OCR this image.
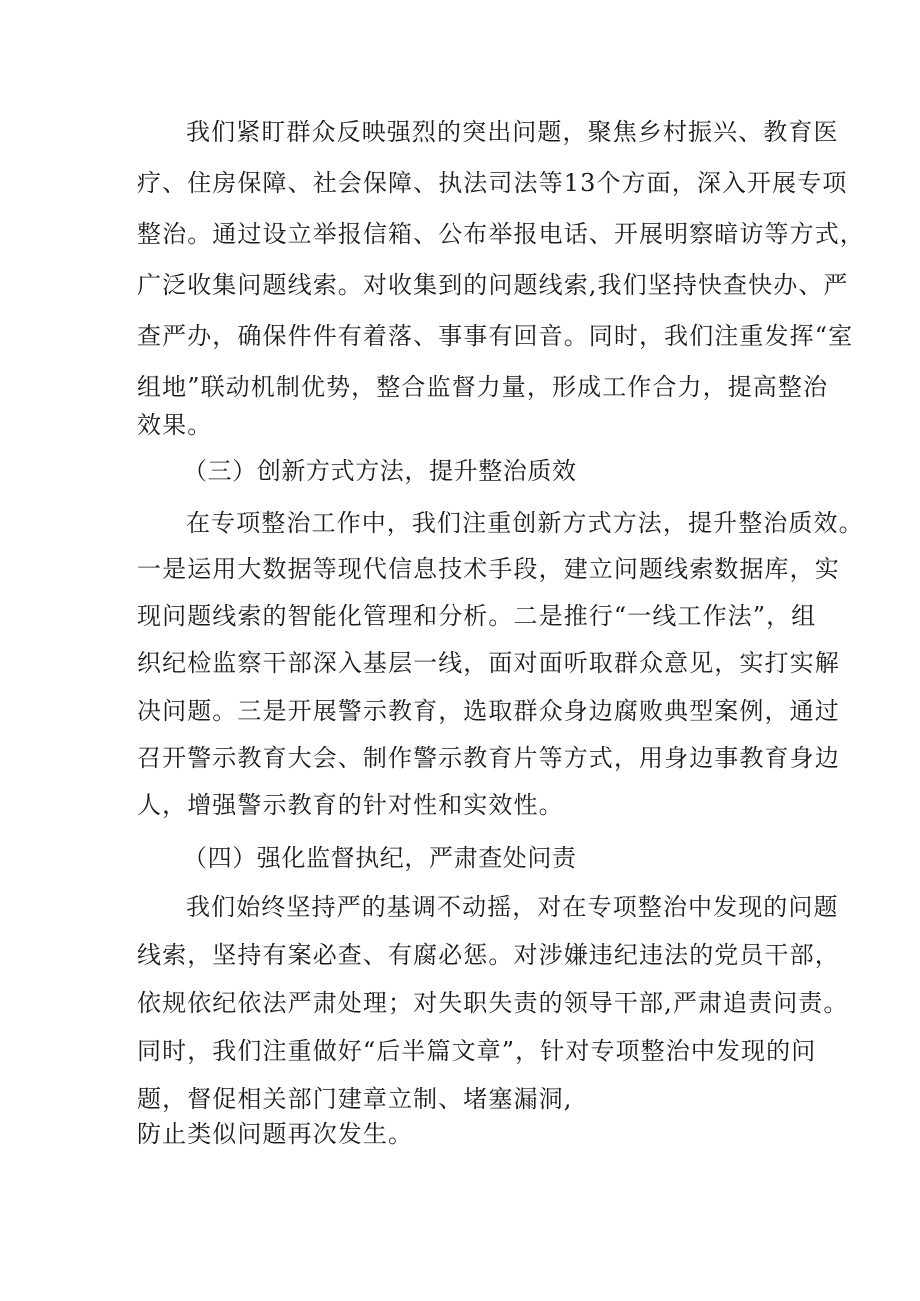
我们紧盯群众反映强烈的突出问题，聚焦乡村振兴、教育医

疗、住房保障、社会保障、执法司法等13个方面，深入开展专项

整治。通过设立举报信箱、公布举报电话、开展明察暗访等方式，

广泛收集问题线索。对收集到的问题线索,我们坚持快查快办、严

查严办，确保件件有着落、事事有回音。同时，我们注重发挥“室

组地”联动机制优势，整合监督力量，形成工作合力，提高整治

效果。

（三）创新方式方法，提升整治质效

在专项整治工作中，我们注重创新方式方法，提升整治质效。

一是运用大数据等现代信息技术手段，建立问题线索数据库，实

现问题线索的智能化管理和分析。二是推行“一线工作法”，组

织纪检监察干部深入基层一线，面对面听取群众意见，实打实解

决问题。三是开展警示教育，选取群众身边腐败典型案例，通过

召开警示教育大会、制作警示教育片等方式，用身边事教育身边

人，增强警示教育的针对性和实效性。

（四）强化监督执纪，严肃查处问责

我们始终坚持严的基调不动摇，对在专项整治中发现的问题

线索，坚持有案必查、有腐必惩。对涉嫌违纪违法的党员干部，

依规依纪依法严肃处理；对失职失责的领导干部,严肃追责问责。

同时，我们注重做好“后半篇文章”，针对专项整治中发现的问

题，督促相关部门建章立制、堵塞漏洞,

防止类似问题再次发生。
